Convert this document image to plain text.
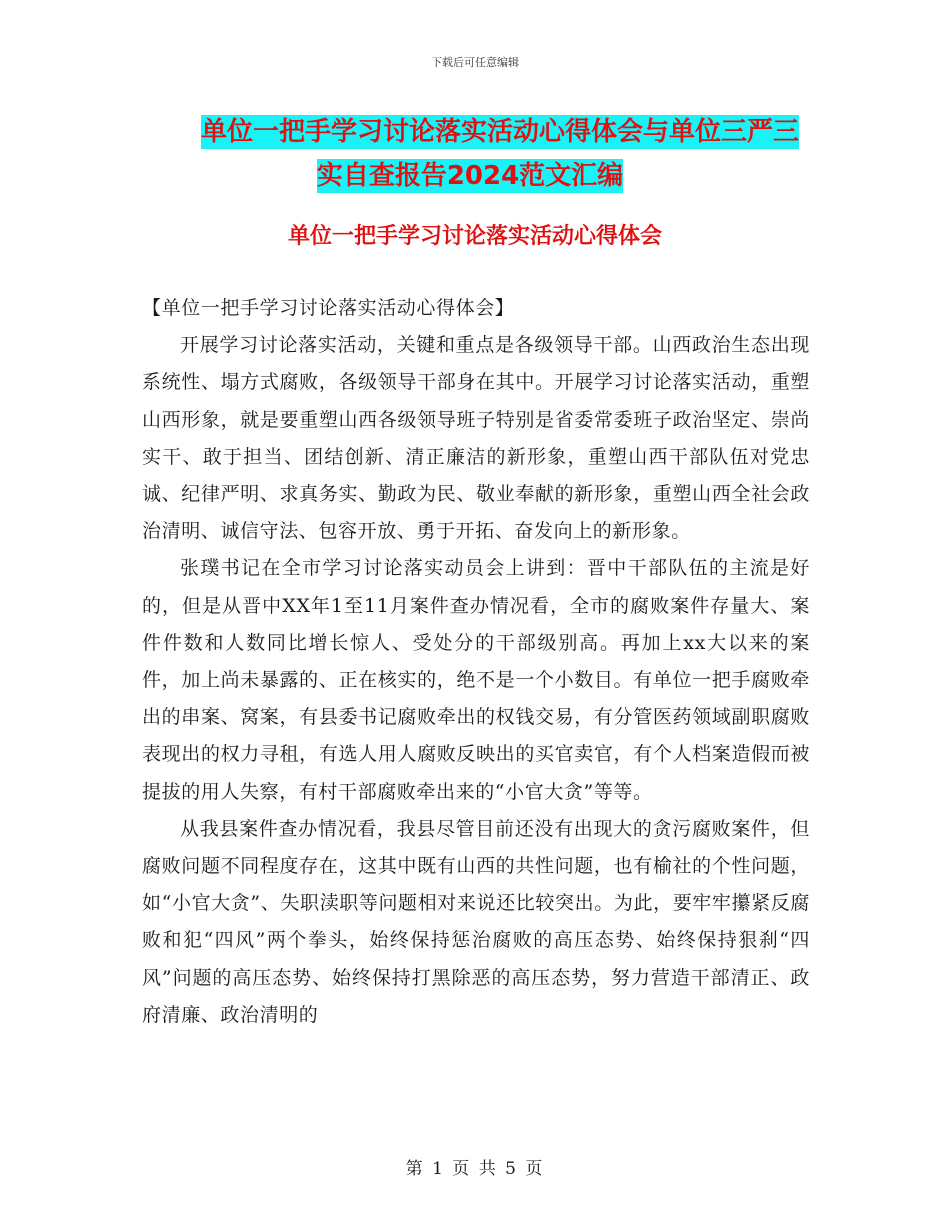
下载后可任意编辑
单位一把手学习讨论落实活动心得体会与单位三严三
实自查报告2024范文汇编
单位一把手学习讨论落实活动心得体会

【单位一把手学习讨论落实活动心得体会】

开展学习讨论落实活动，关键和重点是各级领导干部。山西政治生态出现系统性、塌方式腐败，各级领导干部身在其中。开展学习讨论落实活动，重塑山西形象，就是要重塑山西各级领导班子特别是省委常委班子政治坚定、崇尚实干、敢于担当、团结创新、清正廉洁的新形象，重塑山西干部队伍对党忠诚、纪律严明、求真务实、勤政为民、敬业奉献的新形象，重塑山西全社会政治清明、诚信守法、包容开放、勇于开拓、奋发向上的新形象。

张璞书记在全市学习讨论落实动员会上讲到：晋中干部队伍的主流是好的，但是从晋中XX年1至11月案件查办情况看，全市的腐败案件存量大、案件件数和人数同比增长惊人、受处分的干部级别高。再加上xx大以来的案件，加上尚未暴露的、正在核实的，绝不是一个小数目。有单位一把手腐败牵出的串案、窝案，有县委书记腐败牵出的权钱交易，有分管医药领域副职腐败表现出的权力寻租，有选人用人腐败反映出的买官卖官，有个人档案造假而被提拔的用人失察，有村干部腐败牵出来的“小官大贪”等等。

从我县案件查办情况看，我县尽管目前还没有出现大的贪污腐败案件，但腐败问题不同程度存在，这其中既有山西的共性问题，也有榆社的个性问题，如“小官大贪”、失职渎职等问题相对来说还比较突出。为此，要牢牢攥紧反腐败和犯“四风”两个拳头，始终保持惩治腐败的高压态势、始终保持狠刹“四风”问题的高压态势、始终保持打黑除恶的高压态势，努力营造干部清正、政府清廉、政治清明的

第 1 页 共 5 页
